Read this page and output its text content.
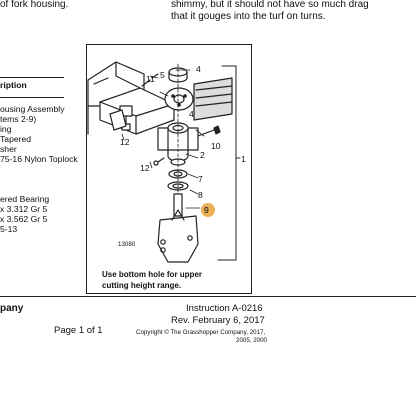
of fork housing.	shimmy, but it should not have so much drag
that it gouges into the turf on turns.
ription
ousing Assembly
tems 2-9)
ing
Tapered
sher
75-16 Nylon Toplock
ered Bearing
x 3.312 Gr 5
x 3.562 Gr 5
5-13
4
11 5
4
10
12
2
12
1
7
8
9
13080
Use bottom hole for upper
cutting height range.
pany	Instruction A-0216
Rev. February 6, 2017
Page 1 of 1	Copyright © The Grasshopper Company, 2017,
2005, 2000
